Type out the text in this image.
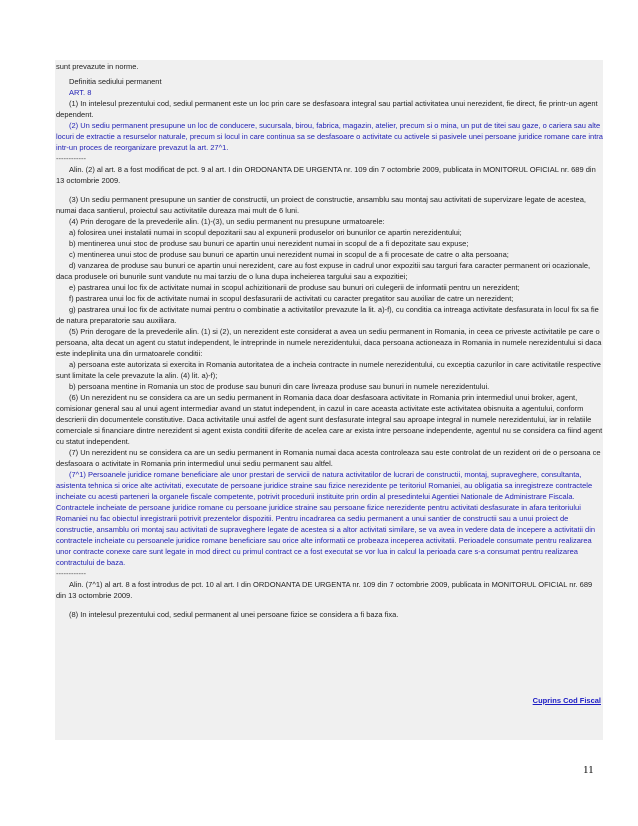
sunt prevazute in norme.

Definitia sediului permanent

ART. 8

(1) In intelesul prezentului cod, sediul permanent este un loc prin care se desfasoara integral sau partial activitatea unui nerezident, fie direct, fie printr-un agent dependent.

(2) Un sediu permanent presupune un loc de conducere, sucursala, birou, fabrica, magazin, atelier, precum si o mina, un put de titei sau gaze, o cariera sau alte locuri de extractie a resurselor naturale, precum si locul in care continua sa se desfasoare o activitate cu activele si pasivele unei persoane juridice romane care intra intr-un proces de reorganizare prevazut la art. 27^1.

------------

Alin. (2) al art. 8 a fost modificat de pct. 9 al art. I din ORDONANTA DE URGENTA nr. 109 din 7 octombrie 2009, publicata in MONITORUL OFICIAL nr. 689 din 13 octombrie 2009.

(3) Un sediu permanent presupune un santier de constructii, un proiect de constructie, ansamblu sau montaj sau activitati de supervizare legate de acestea, numai daca santierul, proiectul sau activitatile dureaza mai mult de 6 luni.

(4) Prin derogare de la prevederile alin. (1)-(3), un sediu permanent nu presupune urmatoarele:

a) folosirea unei instalatii numai in scopul depozitarii sau al expunerii produselor ori bunurilor ce apartin nerezidentului;

b) mentinerea unui stoc de produse sau bunuri ce apartin unui nerezident numai in scopul de a fi depozitate sau expuse;

c) mentinerea unui stoc de produse sau bunuri ce apartin unui nerezident numai in scopul de a fi procesate de catre o alta persoana;

d) vanzarea de produse sau bunuri ce apartin unui nerezident, care au fost expuse in cadrul unor expozitii sau targuri fara caracter permanent ori ocazionale, daca produsele ori bunurile sunt vandute nu mai tarziu de o luna dupa incheierea targului sau a expozitiei;

e) pastrarea unui loc fix de activitate numai in scopul achizitionarii de produse sau bunuri ori culegerii de informatii pentru un nerezident;

f) pastrarea unui loc fix de activitate numai in scopul desfasurarii de activitati cu caracter pregatitor sau auxiliar de catre un nerezident;

g) pastrarea unui loc fix de activitate numai pentru o combinatie a activitatilor prevazute la lit. a)-f), cu conditia ca intreaga activitate desfasurata in locul fix sa fie de natura preparatorie sau auxiliara.

(5) Prin derogare de la prevederile alin. (1) si (2), un nerezident este considerat a avea un sediu permanent in Romania, in ceea ce priveste activitatile pe care o persoana, alta decat un agent cu statut independent, le intreprinde in numele nerezidentului, daca persoana actioneaza in Romania in numele nerezidentului si daca este indeplinita una din urmatoarele conditii:

a) persoana este autorizata si exercita in Romania autoritatea de a incheia contracte in numele nerezidentului, cu exceptia cazurilor in care activitatile respective sunt limitate la cele prevazute la alin. (4) lit. a)-f);

b) persoana mentine in Romania un stoc de produse sau bunuri din care livreaza produse sau bunuri in numele nerezidentului.

(6) Un nerezident nu se considera ca are un sediu permanent in Romania daca doar desfasoara activitate in Romania prin intermediul unui broker, agent, comisionar general sau al unui agent intermediar avand un statut independent, in cazul in care aceasta activitate este activitatea obisnuita a agentului, conform descrierii din documentele constitutive. Daca activitatile unui astfel de agent sunt desfasurate integral sau aproape integral in numele nerezidentului, iar in relatiile comerciale si financiare dintre nerezident si agent exista conditii diferite de acelea care ar exista intre persoane independente, agentul nu se considera ca fiind agent cu statut independent.

(7) Un nerezident nu se considera ca are un sediu permanent in Romania numai daca acesta controleaza sau este controlat de un rezident ori de o persoana ce desfasoara o activitate in Romania prin intermediul unui sediu permanent sau altfel.

(7^1) Persoanele juridice romane beneficiare ale unor prestari de servicii de natura activitatilor de lucrari de constructii, montaj, supraveghere, consultanta, asistenta tehnica si orice alte activitati, executate de persoane juridice straine sau fizice nerezidente pe teritoriul Romaniei, au obligatia sa inregistreze contractele incheiate cu acesti parteneri la organele fiscale competente, potrivit procedurii instituite prin ordin al presedintelui Agentiei Nationale de Administrare Fiscala. Contractele incheiate de persoane juridice romane cu persoane juridice straine sau persoane fizice nerezidente pentru activitati desfasurate in afara teritoriului Romaniei nu fac obiectul inregistrarii potrivit prezentelor dispozitii. Pentru incadrarea ca sediu permanent a unui santier de constructii sau a unui proiect de constructie, ansamblu ori montaj sau activitati de supraveghere legate de acestea si a altor activitati similare, se va avea in vedere data de incepere a activitatii din contractele incheiate cu persoanele juridice romane beneficiare sau orice alte informatii ce probeaza inceperea activitatii. Perioadele consumate pentru realizarea unor contracte conexe care sunt legate in mod direct cu primul contract ce a fost executat se vor lua in calcul la perioada care s-a consumat pentru realizarea contractului de baza.

------------

Alin. (7^1) al art. 8 a fost introdus de pct. 10 al art. I din ORDONANTA DE URGENTA nr. 109 din 7 octombrie 2009, publicata in MONITORUL OFICIAL nr. 689 din 13 octombrie 2009.

(8) In intelesul prezentului cod, sediul permanent al unei persoane fizice se considera a fi baza fixa.

Cuprins Cod Fiscal
11
